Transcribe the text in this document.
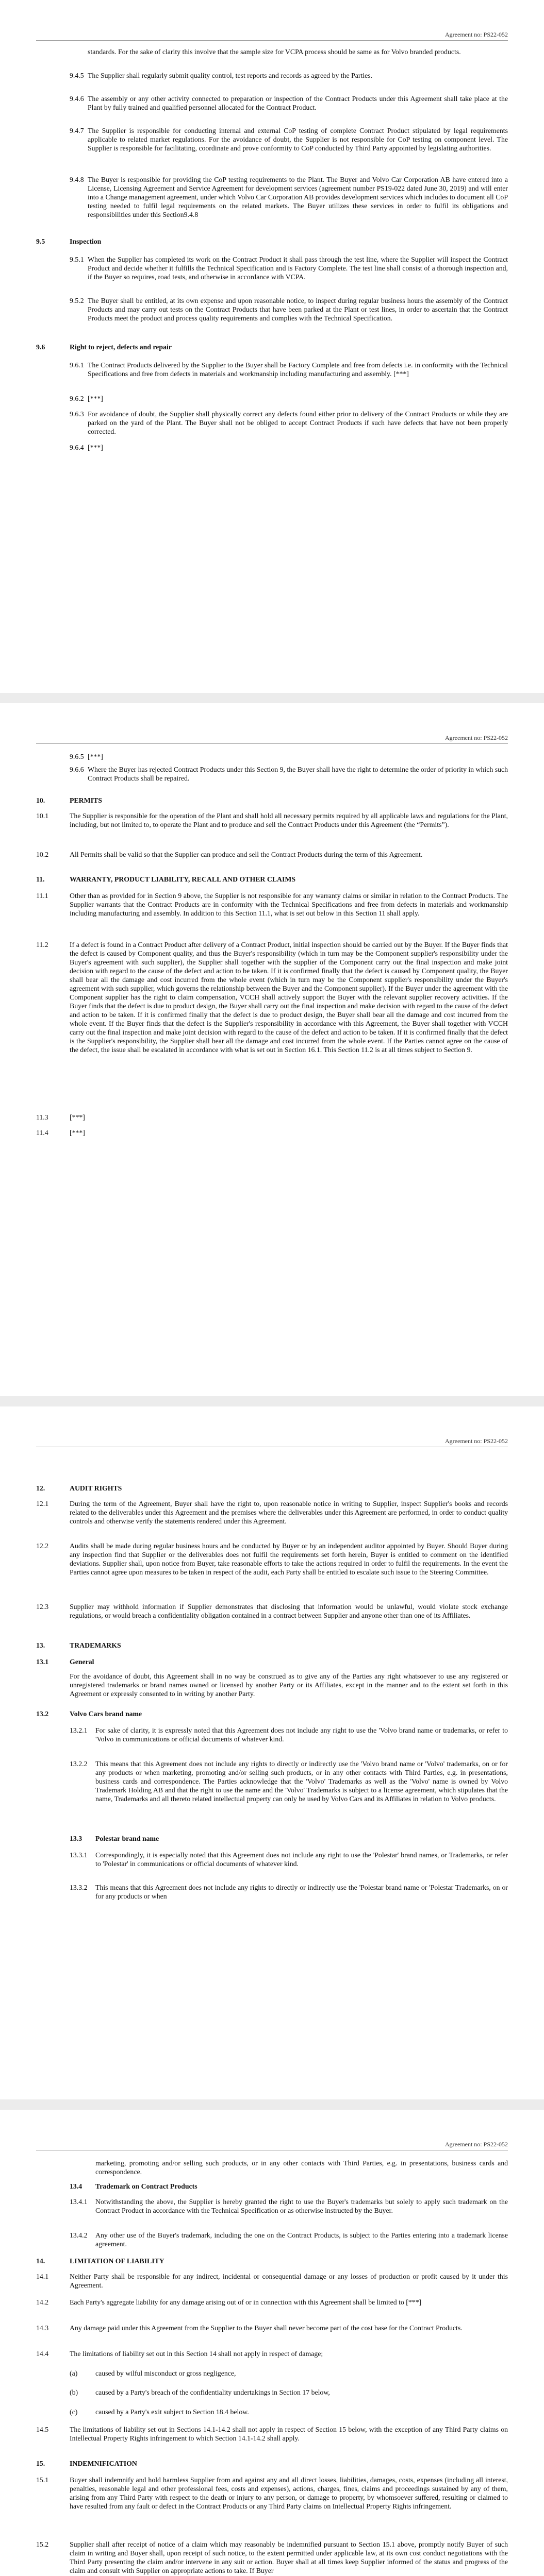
Agreement no: PS22-052
standards. For the sake of clarity this involve that the sample size for VCPA process should be same as for Volvo branded products.
9.4.5 The Supplier shall regularly submit quality control, test reports and records as agreed by the Parties.
9.4.6 The assembly or any other activity connected to preparation or inspection of the Contract Products under this Agreement shall take place at the Plant by fully trained and qualified personnel allocated for the Contract Product.
9.4.7 The Supplier is responsible for conducting internal and external CoP testing of complete Contract Product stipulated by legal requirements applicable to related market regulations. For the avoidance of doubt, the Supplier is not responsible for CoP testing on component level. The Supplier is responsible for facilitating, coordinate and prove conformity to CoP conducted by Third Party appointed by legislating authorities.
9.4.8 The Buyer is responsible for providing the CoP testing requirements to the Plant. The Buyer and Volvo Car Corporation AB have entered into a License, Licensing Agreement and Service Agreement for development services (agreement number PS19-022 dated June 30, 2019) and will enter into a Change management agreement, under which Volvo Car Corporation AB provides development services which includes to document all CoP testing needed to fulfil legal requirements on the related markets. The Buyer utilizes these services in order to fulfil its obligations and responsibilities under this Section9.4.8
9.5	Inspection
9.5.1 When the Supplier has completed its work on the Contract Product it shall pass through the test line, where the Supplier will inspect the Contract Product and decide whether it fulfills the Technical Specification and is Factory Complete. The test line shall consist of a thorough inspection and, if the Buyer so requires, road tests, and otherwise in accordance with VCPA.
9.5.2 The Buyer shall be entitled, at its own expense and upon reasonable notice, to inspect during regular business hours the assembly of the Contract Products and may carry out tests on the Contract Products that have been parked at the Plant or test lines, in order to ascertain that the Contract Products meet the product and process quality requirements and complies with the Technical Specification.
9.6	Right to reject, defects and repair
9.6.1 The Contract Products delivered by the Supplier to the Buyer shall be Factory Complete and free from defects i.e. in conformity with the Technical Specifications and free from defects in materials and workmanship including manufacturing and assembly. [***]
9.6.2 [***]
9.6.3 For avoidance of doubt, the Supplier shall physically correct any defects found either prior to delivery of the Contract Products or while they are parked on the yard of the Plant. The Buyer shall not be obliged to accept Contract Products if such have defects that have not been properly corrected.
9.6.4 [***]
Agreement no: PS22-052
9.6.5 [***]
9.6.6 Where the Buyer has rejected Contract Products under this Section 9, the Buyer shall have the right to determine the order of priority in which such Contract Products shall be repaired.
10.	PERMITS
10.1	The Supplier is responsible for the operation of the Plant and shall hold all necessary permits required by all applicable laws and regulations for the Plant, including, but not limited to, to operate the Plant and to produce and sell the Contract Products under this Agreement (the “Permits”).
10.2	All Permits shall be valid so that the Supplier can produce and sell the Contract Products during the term of this Agreement.
11.	WARRANTY, PRODUCT LIABILITY, RECALL AND OTHER CLAIMS
11.1	Other than as provided for in Section 9 above, the Supplier is not responsible for any warranty claims or similar in relation to the Contract Products. The Supplier warrants that the Contract Products are in conformity with the Technical Specifications and free from defects in materials and workmanship including manufacturing and assembly. In addition to this Section 11.1, what is set out below in this Section 11 shall apply.
11.2	If a defect is found in a Contract Product after delivery of a Contract Product, initial inspection should be carried out by the Buyer. If the Buyer finds that the defect is caused by Component quality, and thus the Buyer's responsibility (which in turn may be the Component supplier's responsibility under the Buyer's agreement with such supplier), the Supplier shall together with the supplier of the Component carry out the final inspection and make joint decision with regard to the cause of the defect and action to be taken. If it is confirmed finally that the defect is caused by Component quality, the Buyer shall bear all the damage and cost incurred from the whole event (which in turn may be the Component supplier's responsibility under the Buyer's agreement with such supplier, which governs the relationship between the Buyer and the Component supplier). If the Buyer under the agreement with the Component supplier has the right to claim compensation, VCCH shall actively support the Buyer with the relevant supplier recovery activities. If the Buyer finds that the defect is due to product design, the Buyer shall carry out the final inspection and make decision with regard to the cause of the defect and action to be taken. If it is confirmed finally that the defect is due to product design, the Buyer shall bear all the damage and cost incurred from the whole event. If the Buyer finds that the defect is the Supplier's responsibility in accordance with this Agreement, the Buyer shall together with VCCH carry out the final inspection and make joint decision with regard to the cause of the defect and action to be taken. If it is confirmed finally that the defect is the Supplier's responsibility, the Supplier shall bear all the damage and cost incurred from the whole event. If the Parties cannot agree on the cause of the defect, the issue shall be escalated in accordance with what is set out in Section 16.1. This Section 11.2 is at all times subject to Section 9.
11.3	[***]
11.4	[***]
Agreement no: PS22-052
12.	AUDIT RIGHTS
12.1	During the term of the Agreement, Buyer shall have the right to, upon reasonable notice in writing to Supplier, inspect Supplier's books and records related to the deliverables under this Agreement and the premises where the deliverables under this Agreement are performed, in order to conduct quality controls and otherwise verify the statements rendered under this Agreement.
12.2	Audits shall be made during regular business hours and be conducted by Buyer or by an independent auditor appointed by Buyer. Should Buyer during any inspection find that Supplier or the deliverables does not fulfil the requirements set forth herein, Buyer is entitled to comment on the identified deviations. Supplier shall, upon notice from Buyer, take reasonable efforts to take the actions required in order to fulfil the requirements. In the event the Parties cannot agree upon measures to be taken in respect of the audit, each Party shall be entitled to escalate such issue to the Steering Committee.
12.3	Supplier may withhold information if Supplier demonstrates that disclosing that information would be unlawful, would violate stock exchange regulations, or would breach a confidentiality obligation contained in a contract between Supplier and anyone other than one of its Affiliates.
13.	TRADEMARKS
13.1	General
For the avoidance of doubt, this Agreement shall in no way be construed as to give any of the Parties any right whatsoever to use any registered or unregistered trademarks or brand names owned or licensed by another Party or its Affiliates, except in the manner and to the extent set forth in this Agreement or expressly consented to in writing by another Party.
13.2	Volvo Cars brand name
13.2.1 For sake of clarity, it is expressly noted that this Agreement does not include any right to use the 'Volvo brand name or trademarks, or refer to 'Volvo in communications or official documents of whatever kind.
13.2.2 This means that this Agreement does not include any rights to directly or indirectly use the 'Volvo brand name or 'Volvo' trademarks, on or for any products or when marketing, promoting and/or selling such products, or in any other contacts with Third Parties, e.g. in presentations, business cards and correspondence. The Parties acknowledge that the 'Volvo' Trademarks as well as the 'Volvo' name is owned by Volvo Trademark Holding AB and that the right to use the name and the 'Volvo' Trademarks is subject to a license agreement, which stipulates that the name, Trademarks and all thereto related intellectual property can only be used by Volvo Cars and its Affiliates in relation to Volvo products.
13.3 Polestar brand name
13.3.1 Correspondingly, it is especially noted that this Agreement does not include any right to use the 'Polestar' brand names, or Trademarks, or refer to 'Polestar' in communications or official documents of whatever kind.
13.3.2 This means that this Agreement does not include any rights to directly or indirectly use the 'Polestar brand name or 'Polestar Trademarks, on or for any products or when
Agreement no: PS22-052
marketing, promoting and/or selling such products, or in any other contacts with Third Parties, e.g. in presentations, business cards and correspondence.
13.4 Trademark on Contract Products
13.4.1 Notwithstanding the above, the Supplier is hereby granted the right to use the Buyer's trademarks but solely to apply such trademark on the Contract Product in accordance with the Technical Specification or as otherwise instructed by the Buyer.
13.4.2 Any other use of the Buyer's trademark, including the one on the Contract Products, is subject to the Parties entering into a trademark license agreement.
14.	LIMITATION OF LIABILITY
14.1	Neither Party shall be responsible for any indirect, incidental or consequential damage or any losses of production or profit caused by it under this Agreement.
14.2	Each Party's aggregate liability for any damage arising out of or in connection with this Agreement shall be limited to [***]
14.3	Any damage paid under this Agreement from the Supplier to the Buyer shall never become part of the cost base for the Contract Products.
14.4	The limitations of liability set out in this Section 14 shall not apply in respect of damage;
(a)	caused by wilful misconduct or gross negligence,
(b) caused by a Party's breach of the confidentiality undertakings in Section 17 below,
(c)	caused by a Party's exit subject to Section 18.4 below.
14.5	The limitations of liability set out in Sections 14.1-14.2 shall not apply in respect of Section 15 below, with the exception of any Third Party claims on Intellectual Property Rights infringement to which Section 14.1-14.2 shall apply.
15.	INDEMNIFICATION
15.1	Buyer shall indemnify and hold harmless Supplier from and against any and all direct losses, liabilities, damages, costs, expenses (including all interest, penalties, reasonable legal and other professional fees, costs and expenses), actions, charges, fines, claims and proceedings sustained by any of them, arising from any Third Party with respect to the death or injury to any person, or damage to property, by whomsoever suffered, resulting or claimed to have resulted from any fault or defect in the Contract Products or any Third Party claims on Intellectual Property Rights infringement.
15.2	Supplier shall after receipt of notice of a claim which may reasonably be indemnified pursuant to Section 15.1 above, promptly notify Buyer of such claim in writing and Buyer shall, upon receipt of such notice, to the extent permitted under applicable law, at its own cost conduct negotiations with the Third Party presenting the claim and/or intervene in any suit or action. Buyer shall at all times keep Supplier informed of the status and progress of the claim and consult with Supplier on appropriate actions to take. If Buyer
